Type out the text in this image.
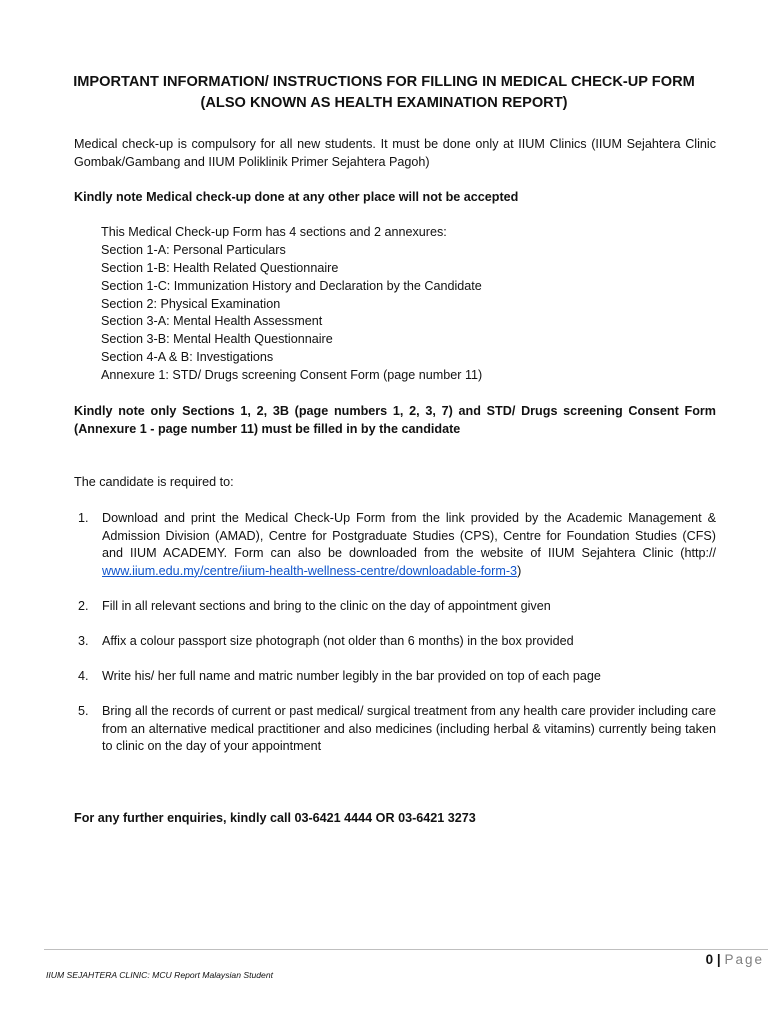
IMPORTANT INFORMATION/ INSTRUCTIONS FOR FILLING IN MEDICAL CHECK-UP FORM
(ALSO KNOWN AS HEALTH EXAMINATION REPORT)
Medical check-up is compulsory for all new students. It must be done only at IIUM Clinics (IIUM Sejahtera Clinic Gombak/Gambang and IIUM Poliklinik Primer Sejahtera Pagoh)
Kindly note Medical check-up done at any other place will not be accepted
This Medical Check-up Form has 4 sections and 2 annexures:
Section 1-A: Personal Particulars
Section 1-B: Health Related Questionnaire
Section 1-C: Immunization History and Declaration by the Candidate
Section 2: Physical Examination
Section 3-A: Mental Health Assessment
Section 3-B: Mental Health Questionnaire
Section 4-A & B: Investigations
Annexure 1: STD/ Drugs screening Consent Form (page number 11)
Kindly note only Sections 1, 2, 3B (page numbers 1, 2, 3, 7) and STD/ Drugs screening Consent Form (Annexure 1 - page number 11) must be filled in by the candidate
The candidate is required to:
1. Download and print the Medical Check-Up Form from the link provided by the Academic Management & Admission Division (AMAD), Centre for Postgraduate Studies (CPS), Centre for Foundation Studies (CFS) and IIUM ACADEMY. Form can also be downloaded from the website of IIUM Sejahtera Clinic (http:// www.iium.edu.my/centre/iium-health-wellness-centre/downloadable-form-3)
2. Fill in all relevant sections and bring to the clinic on the day of appointment given
3. Affix a colour passport size photograph (not older than 6 months) in the box provided
4. Write his/ her full name and matric number legibly in the bar provided on top of each page
5. Bring all the records of current or past medical/ surgical treatment from any health care provider including care from an alternative medical practitioner and also medicines (including herbal & vitamins) currently being taken to clinic on the day of your appointment
For any further enquiries, kindly call 03-6421 4444 OR 03-6421 3273
0 | Page
IIUM SEJAHTERA CLINIC: MCU Report Malaysian Student
